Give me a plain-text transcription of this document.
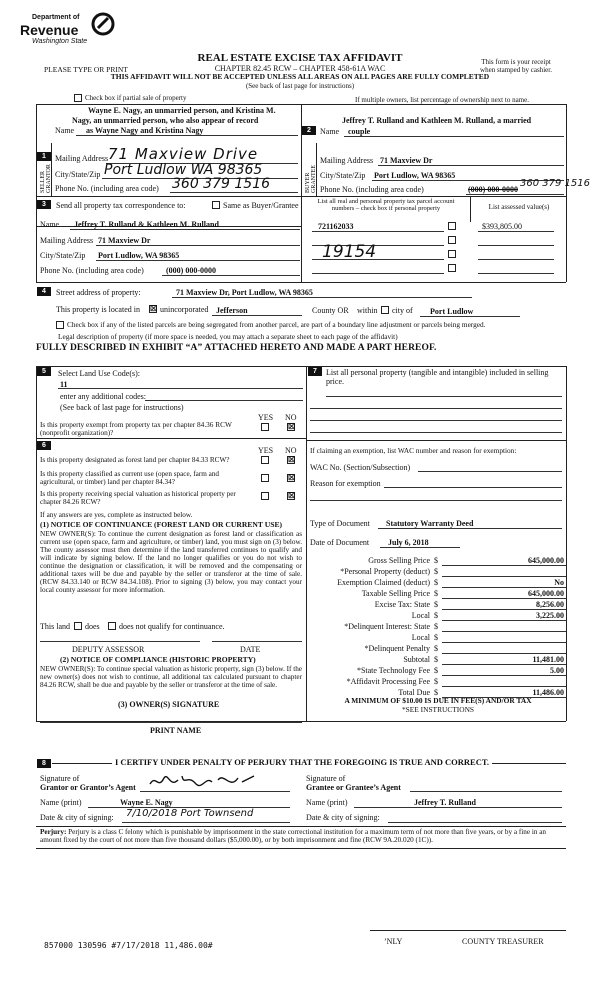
Department of
Revenue
Washington State
REAL ESTATE EXCISE TAX AFFIDAVIT
CHAPTER 82.45 RCW – CHAPTER 458-61A WAC
THIS AFFIDAVIT WILL NOT BE ACCEPTED UNLESS ALL AREAS ON ALL PAGES ARE FULLY COMPLETED
(See back of last page for instructions)
PLEASE TYPE OR PRINT
This form is your receipt
when stamped by cashier.
Check box if partial sale of property	If multiple owners, list percentage of ownership next to name.
1
SELLER GRANTOR
Wayne E. Nagy, an unmarried person, and Kristina M.
Nagy, an unmarried person, who also appear of record
Name as Wayne Nagy and Kristina Nagy
Mailing Address 71 Maxview Drive
City/State/Zip Port Ludlow WA 98365
Phone No. (including area code) 360 379 1516
2
BUYER GRANTEE
Jeffrey T. Rulland and Kathleen M. Rulland, a married
Name couple
Mailing Address 71 Maxview Dr
City/State/Zip Port Ludlow, WA 98365
Phone No. (including area code)	(000) 000-0000
360 379 1516
3	Send all property tax correspondence to:	Same as Buyer/Grantee
Name Jeffrey T. Rulland & Kathleen M. Rulland
Mailing Address 71 Maxview Dr
City/State/Zip Port Ludlow, WA 98365
Phone No. (including area code)	(000) 000-0000
List all real and personal property tax parcel account
numbers – check box if personal property	List assessed value(s)
721162033	$393,805.00
19154
4	Street address of property:	71 Maxview Dr, Port Ludlow, WA 98365
This property is located in ☒ unincorporated Jefferson	County OR within city of Port Ludlow
Check box if any of the listed parcels are being segregated from another parcel, are part of a boundary line adjustment or parcels being merged.
Legal description of property (if more space is needed, you may attach a separate sheet to each page of the affidavit)
FULLY DESCRIBED IN EXHIBIT “A” ATTACHED HERETO AND MADE A PART HEREOF.
5	Select Land Use Code(s):
11
enter any additional codes:
(See back of last page for instructions)
YES NO
Is this property exempt from property tax per chapter 84.36 RCW (nonprofit organization)?
☒
6
YES NO
Is this property designated as forest land per chapter 84.33 RCW?	☒
Is this property classified as current use (open space, farm and agricultural, or timber) land per chapter 84.34?
☒
Is this property receiving special valuation as historical property per chapter 84.26 RCW?
☒
If any answers are yes, complete as instructed below.
(1) NOTICE OF CONTINUANCE (FOREST LAND OR CURRENT USE)
NEW OWNER(S): To continue the current designation as forest land or classification as current use (open space, farm and agriculture, or timber) land, you must sign on (3) below. The county assessor must then determine if the land transferred continues to qualify and will indicate by signing below. If the land no longer qualifies or you do not wish to continue the designation or classification, it will be removed and the compensating or additional taxes will be due and payable by the seller or transferor at the time of sale. (RCW 84.33.140 or RCW 84.34.108). Prior to signing (3) below, you may contact your local county assessor for more information.
This land does does not qualify for continuance.
DEPUTY ASSESSOR	DATE
(2) NOTICE OF COMPLIANCE (HISTORIC PROPERTY)
NEW OWNER(S): To continue special valuation as historic property, sign (3) below. If the new owner(s) does not wish to continue, all additional tax calculated pursuant to chapter 84.26 RCW, shall be due and payable by the seller or transferor at the time of sale.
(3) OWNER(S) SIGNATURE
PRINT NAME
7	List all personal property (tangible and intangible) included in selling price.
If claiming an exemption, list WAC number and reason for exemption:
WAC No. (Section/Subsection)
Reason for exemption
Type of Document Statutory Warranty Deed
Date of Document July 6, 2018
Gross Selling Price $	645,000.00
*Personal Property (deduct) $
Exemption Claimed (deduct) $	No
Taxable Selling Price $	645,000.00
Excise Tax: State $	8,256.00
Local $	3,225.00
*Delinquent Interest: State $
Local $
*Delinquent Penalty $
Subtotal $	11,481.00
*State Technology Fee $	5.00
*Affidavit Processing Fee $
Total Due $	11,486.00
A MINIMUM OF $10.00 IS DUE IN FEE(S) AND/OR TAX
*SEE INSTRUCTIONS
8	I CERTIFY UNDER PENALTY OF PERJURY THAT THE FOREGOING IS TRUE AND CORRECT.
Signature of
Grantor or Grantor’s Agent
Name (print)	Wayne E. Nagy
Date & city of signing: 7/10/2018 Port Townsend
Signature of
Grantee or Grantee’s Agent
Name (print)	Jeffrey T. Rulland
Date & city of signing:
Perjury: Perjury is a class C felony which is punishable by imprisonment in the state correctional institution for a maximum term of not more than five years, or by a fine in an amount fixed by the court of not more than five thousand dollars ($5,000.00), or by both imprisonment and fine (RCW 9A.20.020 (1C)).
857000 130596 #7/17/2018 11,486.00#	ʼNLY	COUNTY TREASURER
